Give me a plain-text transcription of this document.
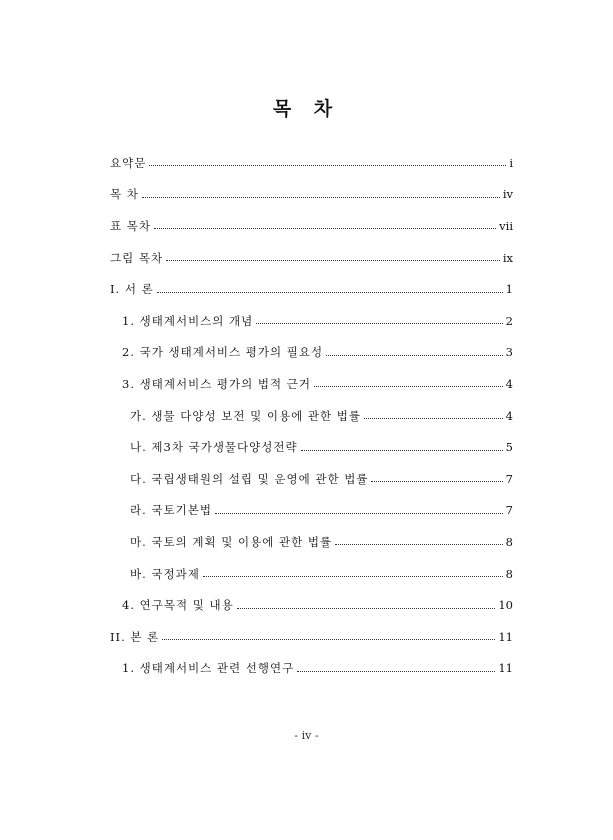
목 차
요약문	i
목 차	iv
표 목차	vii
그림 목차	ix
I. 서 론	1
1. 생태계서비스의 개념	2
2. 국가 생태계서비스 평가의 필요성	3
3. 생태계서비스 평가의 법적 근거	4
가. 생물 다양성 보전 및 이용에 관한 법률	4
나. 제3차 국가생물다양성전략	5
다. 국립생태원의 설립 및 운영에 관한 법률	7
라. 국토기본법	7
마. 국토의 계획 및 이용에 관한 법률	8
바. 국정과제	8
4. 연구목적 및 내용	10
II. 본 론	11
1. 생태계서비스 관련 선행연구	11
- iv -
